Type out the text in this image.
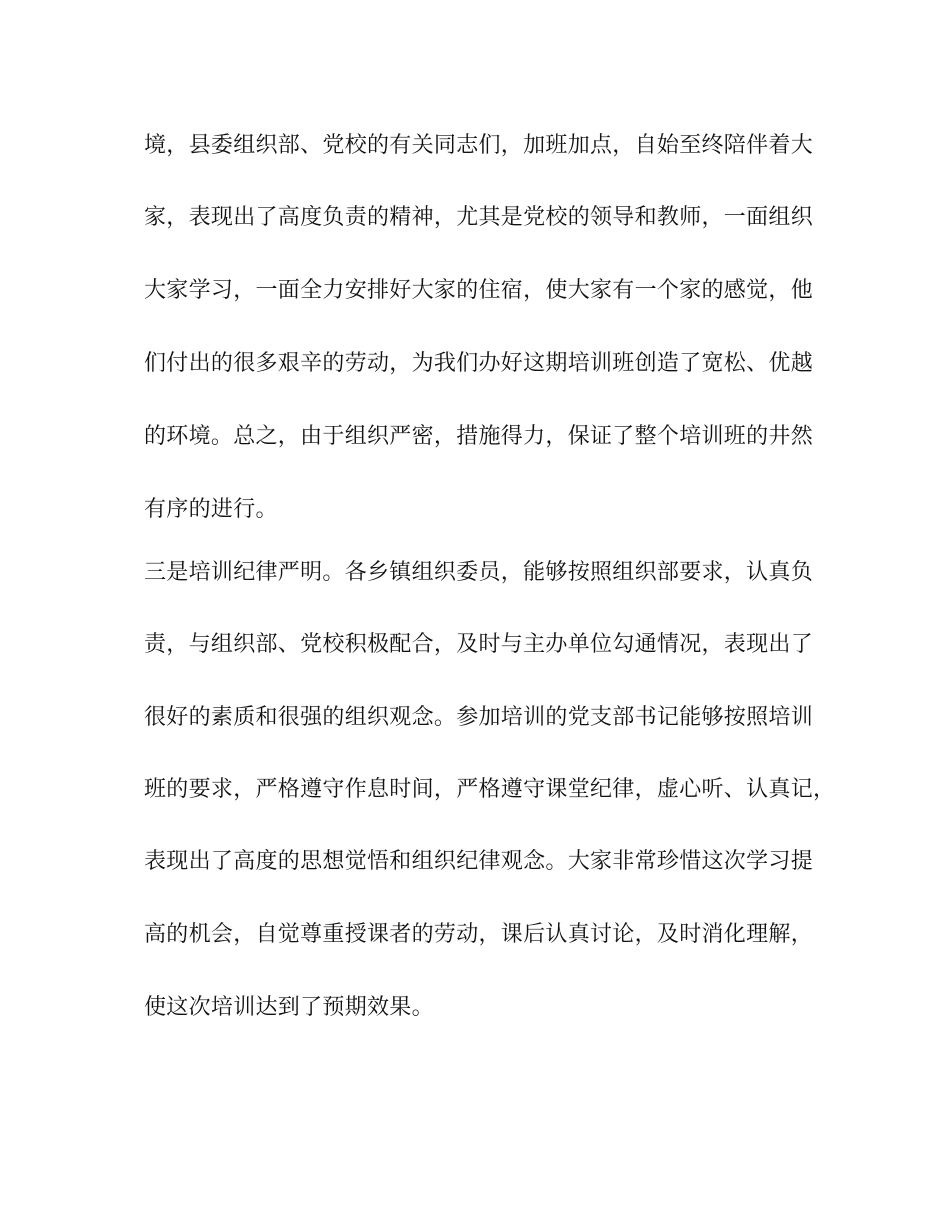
境，县委组织部、党校的有关同志们，加班加点，自始至终陪伴着大
家，表现出了高度负责的精神，尤其是党校的领导和教师，一面组织
大家学习，一面全力安排好大家的住宿，使大家有一个家的感觉，他
们付出的很多艰辛的劳动，为我们办好这期培训班创造了宽松、优越
的环境。总之，由于组织严密，措施得力，保证了整个培训班的井然
有序的进行。
三是培训纪律严明。各乡镇组织委员，能够按照组织部要求，认真负
责，与组织部、党校积极配合，及时与主办单位勾通情况，表现出了
很好的素质和很强的组织观念。参加培训的党支部书记能够按照培训
班的要求，严格遵守作息时间，严格遵守课堂纪律，虚心听、认真记，
表现出了高度的思想觉悟和组织纪律观念。大家非常珍惜这次学习提
高的机会，自觉尊重授课者的劳动，课后认真讨论，及时消化理解，
使这次培训达到了预期效果。
